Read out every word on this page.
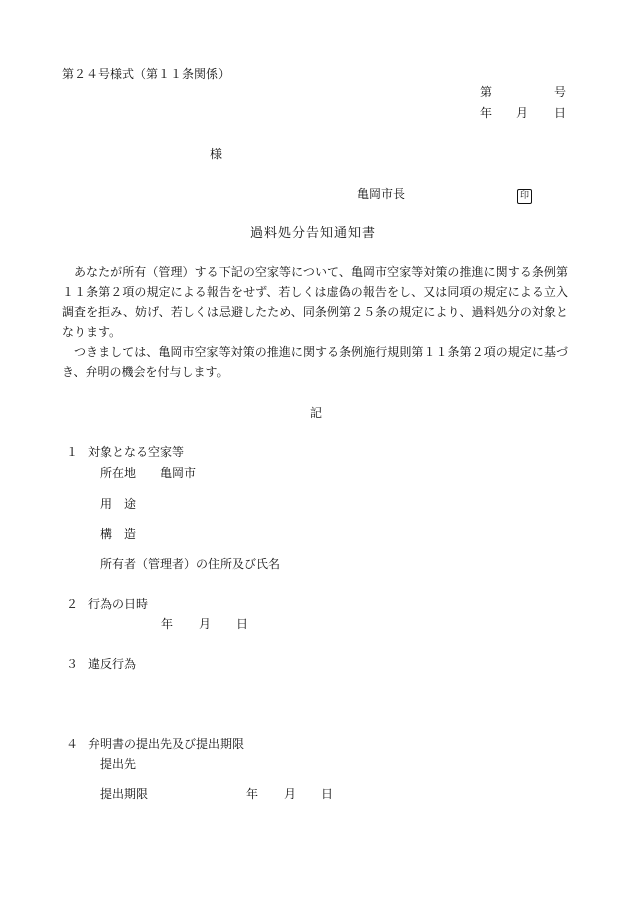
第２４号様式（第１１条関係）
第	号
年 月 日
様
亀岡市長	印
過料処分告知通知書
あなたが所有（管理）する下記の空家等について、亀岡市空家等対策の推進に関する条例第１１条第２項の規定による報告をせず、若しくは虚偽の報告をし、又は同項の規定による立入調査を拒み、妨げ、若しくは忌避したため、同条例第２５条の規定により、過料処分の対象となります。
つきましては、亀岡市空家等対策の推進に関する条例施行規則第１１条第２項の規定に基づき、弁明の機会を付与します。
記
１ 対象となる空家等
所在地 亀岡市
用　途
構　造
所有者（管理者）の住所及び氏名
２ 行為の日時
年 月 日
３ 違反行為
４ 弁明書の提出先及び提出期限
提出先
提出期限	年 月 日
